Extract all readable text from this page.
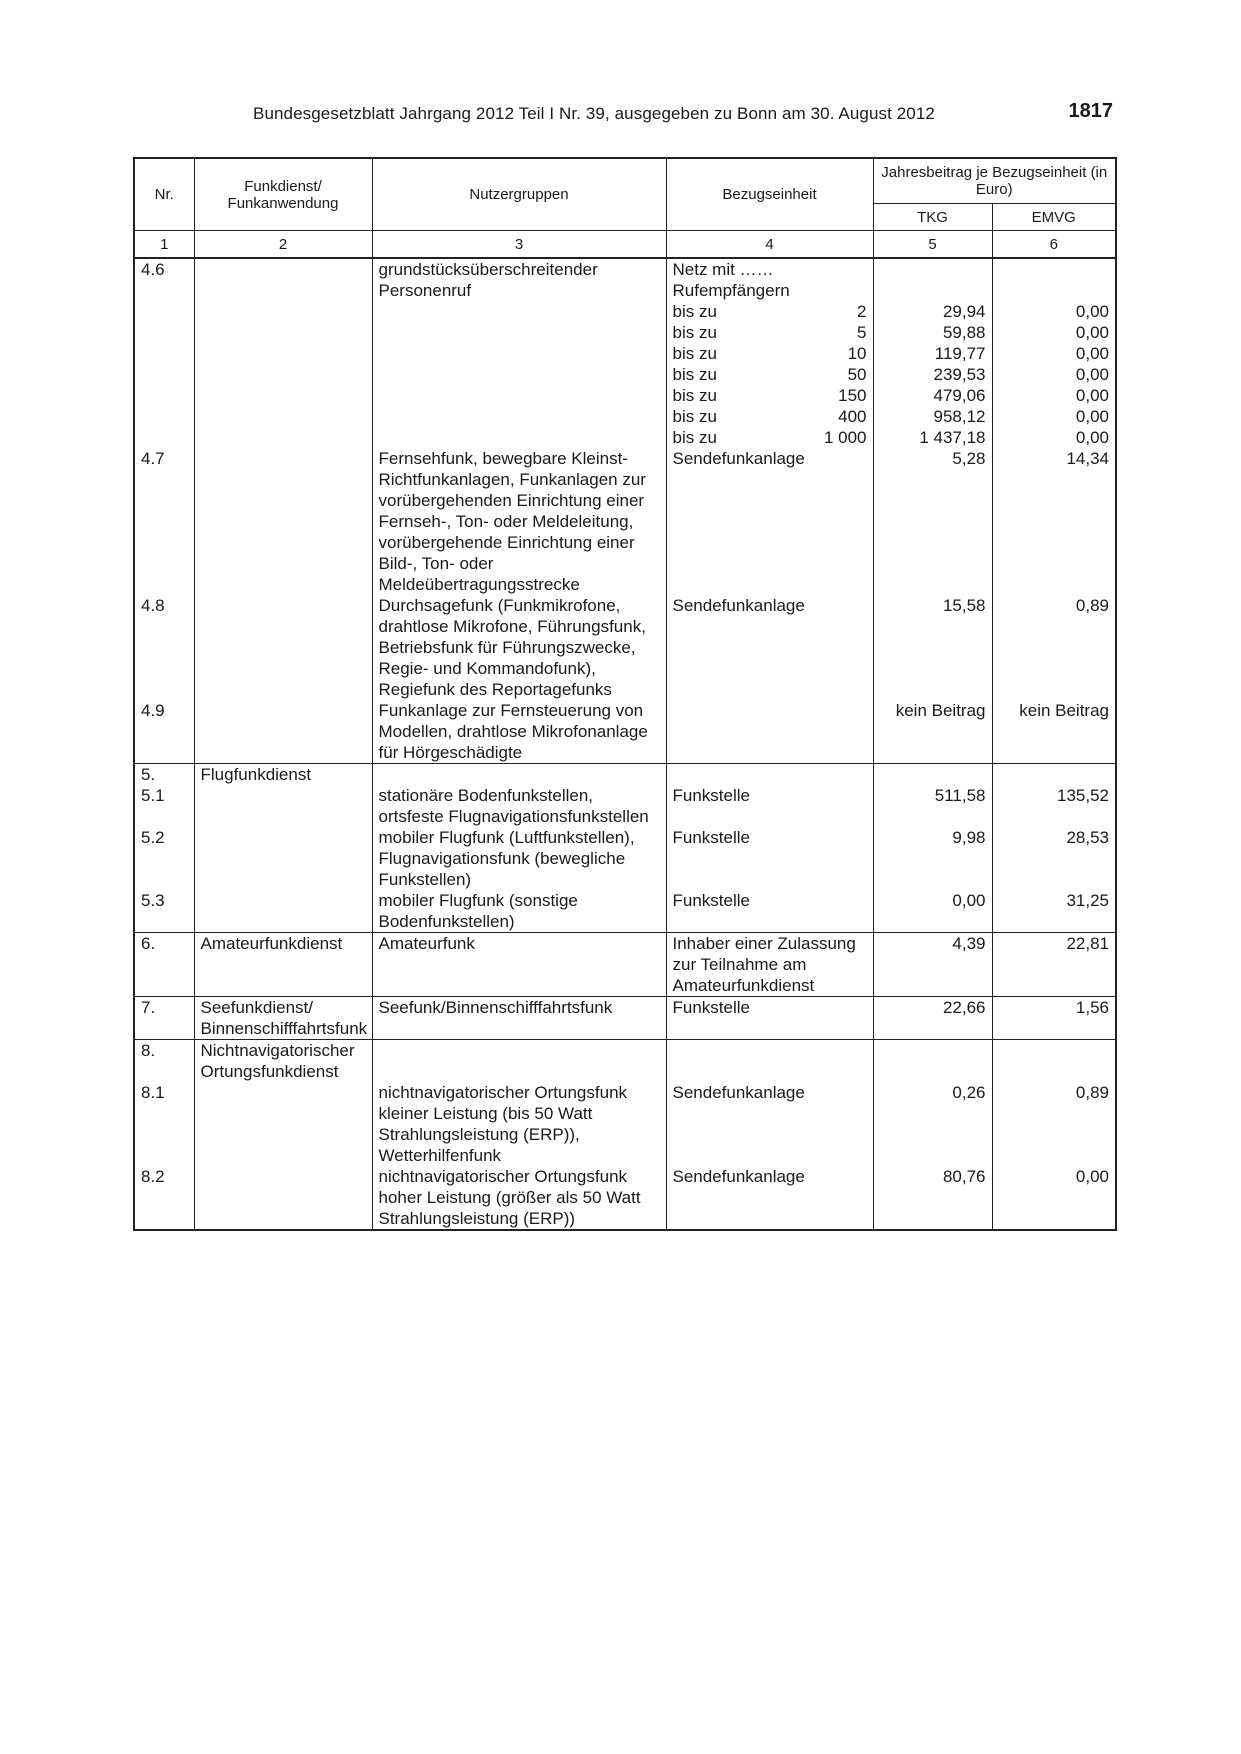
Bundesgesetzblatt Jahrgang 2012 Teil I Nr. 39, ausgegeben zu Bonn am 30. August 2012	1817
Nr.	Funkdienst/ Funkanwendung	Nutzergruppen	Bezugseinheit	Jahresbeitrag je Bezugseinheit (in Euro)	
				TKG	EMVG
1	2	3	4	5	6
4.6		grundstücksüberschreitender Personenruf	Netz mit …… Rufempfängern		

			bis zu 2	29,94	0,00

			bis zu 5	59,88	0,00

			bis zu 10	119,77	0,00

			bis zu 50	239,53	0,00

			bis zu 150	479,06	0,00

			bis zu 400	958,12	0,00

			bis zu 1 000	1 437,18	0,00
4.7		Fernsehfunk, bewegbare Kleinst-Richtfunkanlagen, Funkanlagen zur vorübergehenden Einrichtung einer Fernseh-, Ton- oder Meldeleitung, vorübergehende Einrichtung einer Bild-, Ton- oder Meldeübertragungsstrecke	Sendefunkanlage	5,28	14,34
4.8		Durchsagefunk (Funkmikrofone, drahtlose Mikrofone, Führungsfunk, Betriebsfunk für Führungszwecke, Regie- und Kommandofunk), Regiefunk des Reportagefunks	Sendefunkanlage	15,58	0,89
4.9		Funkanlage zur Fernsteuerung von Modellen, drahtlose Mikrofonanlage für Hörgeschädigte		kein Beitrag	kein Beitrag
5.	Flugfunkdienst		

5.1		stationäre Bodenfunkstellen, ortsfeste Flugnavigationsfunkstellen	Funkstelle	511,58	135,52
5.2		mobiler Flugfunk (Luftfunkstellen), Flugnavigationsfunk (bewegliche Funkstellen)	Funkstelle	9,98	28,53
5.3		mobiler Flugfunk (sonstige Bodenfunkstellen)	Funkstelle	0,00	31,25
6.	Amateurfunkdienst	Amateurfunk	Inhaber einer Zulassung zur Teilnahme am Amateurfunkdienst	4,39	22,81
7.	Seefunkdienst/ Binnenschifffahrtsfunk	Seefunk/Binnenschifffahrtsfunk	Funkstelle	22,66	1,56
8.	Nichtnavigatorischer Ortungsfunkdienst		

8.1		nichtnavigatorischer Ortungsfunk kleiner Leistung (bis 50 Watt Strahlungsleistung (ERP)), Wetterhilfenfunk	Sendefunkanlage	0,26	0,89
8.2		nichtnavigatorischer Ortungsfunk hoher Leistung (größer als 50 Watt Strahlungsleistung (ERP))	Sendefunkanlage	80,76	0,00
